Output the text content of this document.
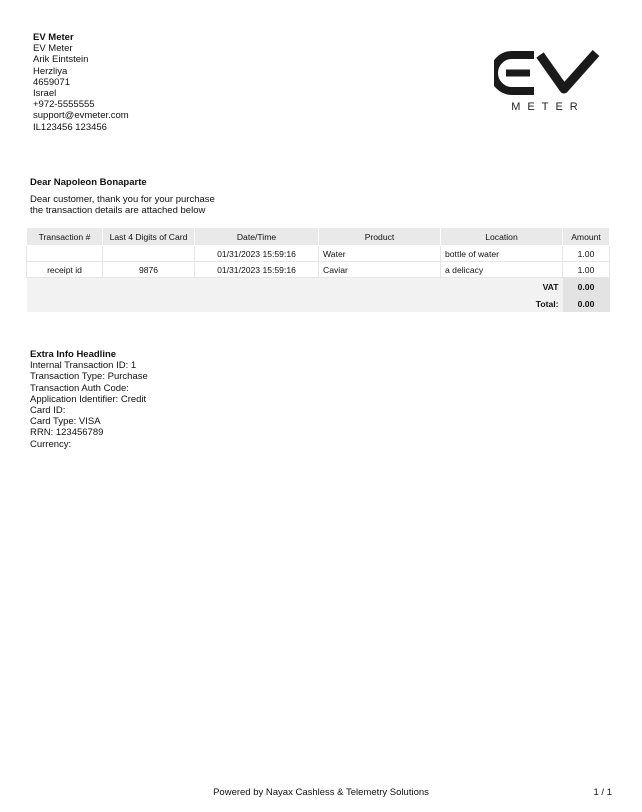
EV Meter
EV Meter
Arik Eintstein
Herzliya
4659071
Israel
+972-5555555
support@evmeter.com
IL123456 123456
METER
Dear Napoleon Bonaparte
Dear customer, thank you for your purchase
the transaction details are attached below
Transaction #	Last 4 Digits of Card	Date/Time	Product	Location	Amount
		01/31/2023 15:59:16	Water	bottle of water	1.00
receipt id	9876	01/31/2023 15:59:16	Caviar	a delicacy	1.00
VAT					0.00
Total:					0.00
Extra Info Headline
Internal Transaction ID: 1
Transaction Type: Purchase
Transaction Auth Code:
Application Identifier: Credit
Card ID:
Card Type: VISA
RRN: 123456789
Currency:
Powered by Nayax Cashless & Telemetry Solutions	1 / 1
